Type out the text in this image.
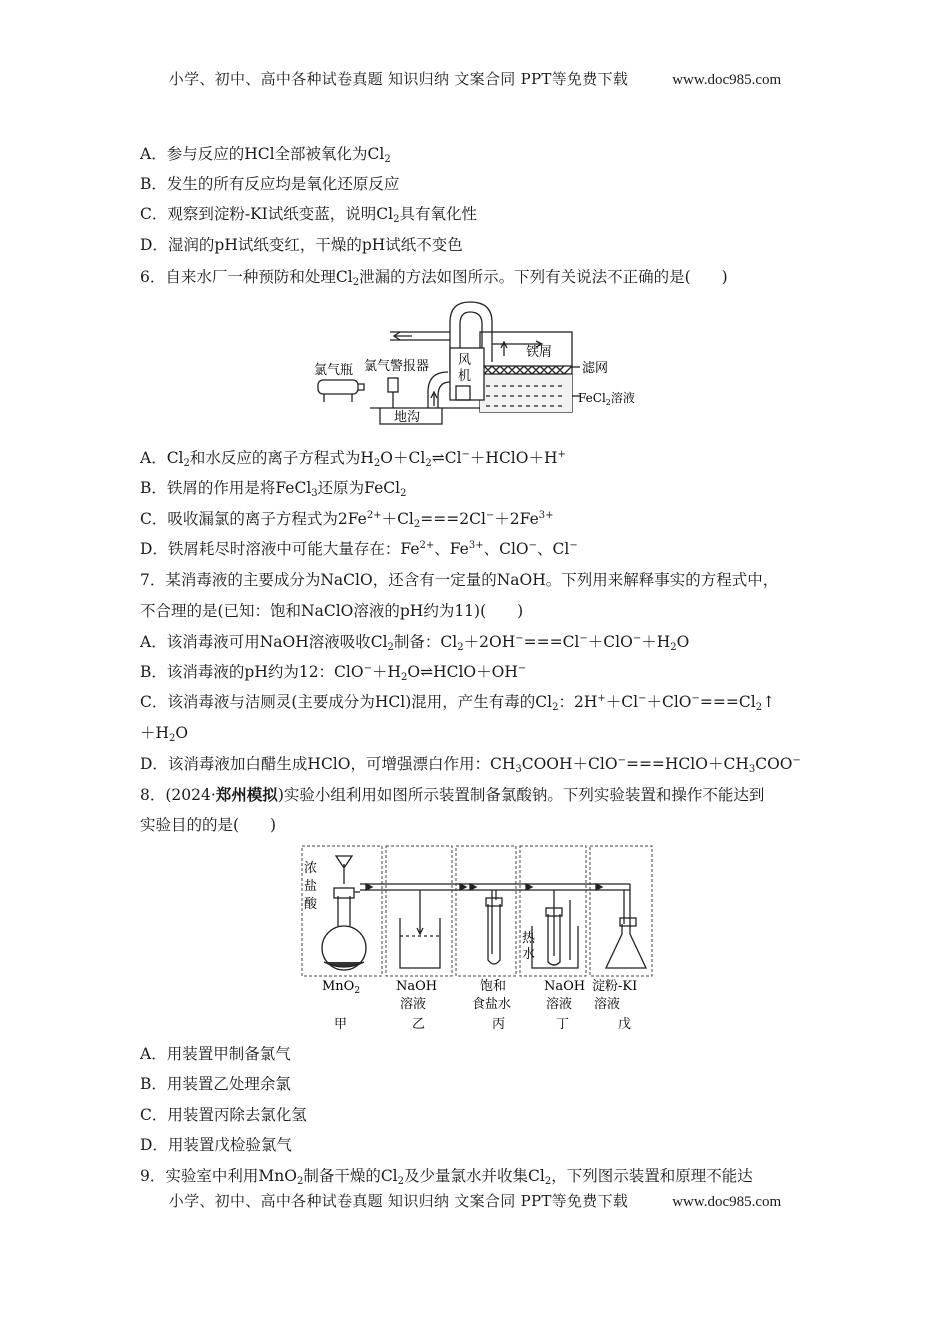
小学、初中、高中各种试卷真题 知识归纳 文案合同 PPT等免费下载	www.doc985.com
小学、初中、高中各种试卷真题 知识归纳 文案合同 PPT等免费下载	www.doc985.com
A．参与反应的HCl全部被氧化为$Cl_2$
B．发生的所有反应均是氧化还原反应
C．观察到淀粉-KI试纸变蓝，说明$Cl_2$具有氧化性
D．湿润的pH试纸变红，干燥的pH试纸不变色
6．自来水厂一种预防和处理$Cl_2$泄漏的方法如图所示。下列有关说法不正确的是(　　)
氯气瓶 氯气警报器 风
机
铁屑
滤网
FeCl$_2$溶液
地沟
A．$Cl_2$和水反应的离子方程式为$H_2O+Cl_2\rightleftharpoons Cl^-+HClO+H^+$
B．铁屑的作用是将FeCl$_3$还原为FeCl$_2$
C．吸收漏氯的离子方程式为$2Fe^{2+}+Cl_2===2Cl^-+2Fe^{3+}$
D．铁屑耗尽时溶液中可能大量存在：$Fe^{2+}$、$Fe^{3+}$、ClO−、Cl−
7．某消毒液的主要成分为NaClO，还含有一定量的NaOH。下列用来解释事实的方程式中，
不合理的是(已知：饱和NaClO溶液的pH约为11)(　　)
A．该消毒液可用NaOH溶液吸收$Cl_2$制备：$Cl_2+2OH^-===Cl^-+ClO^-+H_2O$
B．该消毒液的pH约为12：$ClO^-+H_2O\rightleftharpoons HClO+OH^-$
C．该消毒液与洁厕灵(主要成分为HCl)混用，产生有毒的$Cl_2$：$2H^++Cl^-+ClO^-===Cl_2↑$
$+H_2O$
D．该消毒液加白醋生成HClO，可增强漂白作用：$CH_3COOH+ClO^-===HClO+CH_3COO^-$
8．(2024·郑州模拟)实验小组利用如图所示装置制备氯酸钠。下列实验装置和操作不能达到
实验目的的是(　　)
浓
盐
酸
热
水
MnO$_2$	NaOH
溶液
饱和
食盐水
NaOH
溶液
淀粉-KI
溶液
甲	乙	丙	丁	戊
A．用装置甲制备氯气
B．用装置乙处理余氯
C．用装置丙除去氯化氢
D．用装置戊检验氯气
9．实验室中利用MnO$_2$制备干燥的$Cl_2$及少量氯水并收集$Cl_2$，下列图示装置和原理不能达
